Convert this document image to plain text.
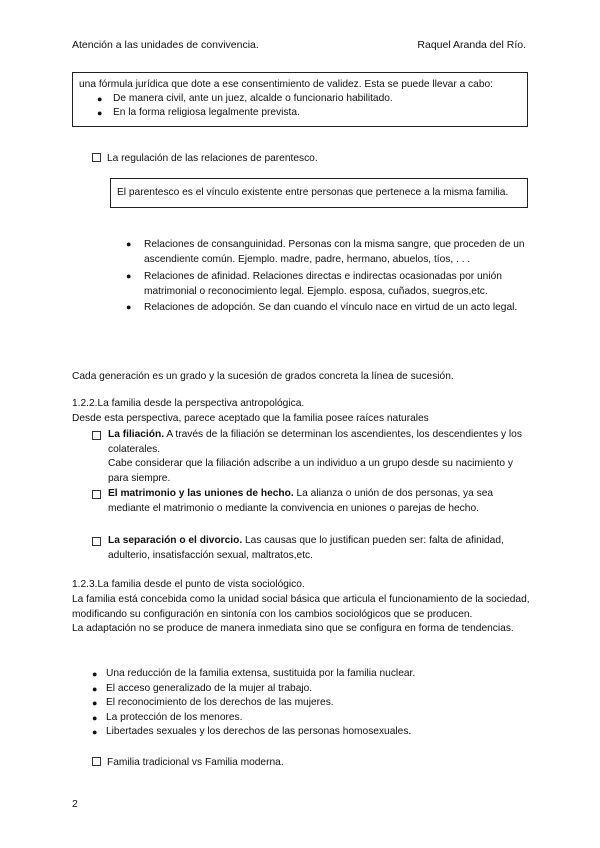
Atención a las unidades de convivencia.	Raquel Aranda del Río.
una fórmula jurídica que dote a ese consentimiento de validez. Esta se puede llevar a cabo:
● De manera civil, ante un juez, alcalde o funcionario habilitado.
● En la forma religiosa legalmente prevista.
La regulación de las relaciones de parentesco.
El parentesco es el vínculo existente entre personas que pertenece a la misma familia.
● Relaciones de consanguinidad. Personas con la misma sangre, que proceden de un ascendiente común. Ejemplo. madre, padre, hermano, abuelos, tíos, . . .
● Relaciones de afinidad. Relaciones directas e indirectas ocasionadas por unión matrimonial o reconocimiento legal. Ejemplo. esposa, cuñados, suegros,etc.
● Relaciones de adopción. Se dan cuando el vínculo nace en virtud de un acto legal.
Cada generación es un grado y la sucesión de grados concreta la línea de sucesión.
1.2.2.La familia desde la perspectiva antropológica.
Desde esta perspectiva, parece aceptado que la familia posee raíces naturales
La filiación. A través de la filiación se determinan los ascendientes, los descendientes y los colaterales.
Cabe considerar que la filiación adscribe a un individuo a un grupo desde su nacimiento y para siempre.
El matrimonio y las uniones de hecho. La alianza o unión de dos personas, ya sea mediante el matrimonio o mediante la convivencia en uniones o parejas de hecho.
La separación o el divorcio. Las causas que lo justifican pueden ser: falta de afinidad, adulterio, insatisfacción sexual, maltratos,etc.
1.2.3.La familia desde el punto de vista sociológico.
La familia está concebida como la unidad social básica que articula el funcionamiento de la sociedad, modificando su configuración en sintonía con los cambios sociológicos que se producen.
La adaptación no se produce de manera inmediata sino que se configura en forma de tendencias.
● Una reducción de la familia extensa, sustituida por la familia nuclear.
● El acceso generalizado de la mujer al trabajo.
● El reconocimiento de los derechos de las mujeres.
● La protección de los menores.
● Libertades sexuales y los derechos de las personas homosexuales.
Familia tradicional vs Familia moderna.
2
